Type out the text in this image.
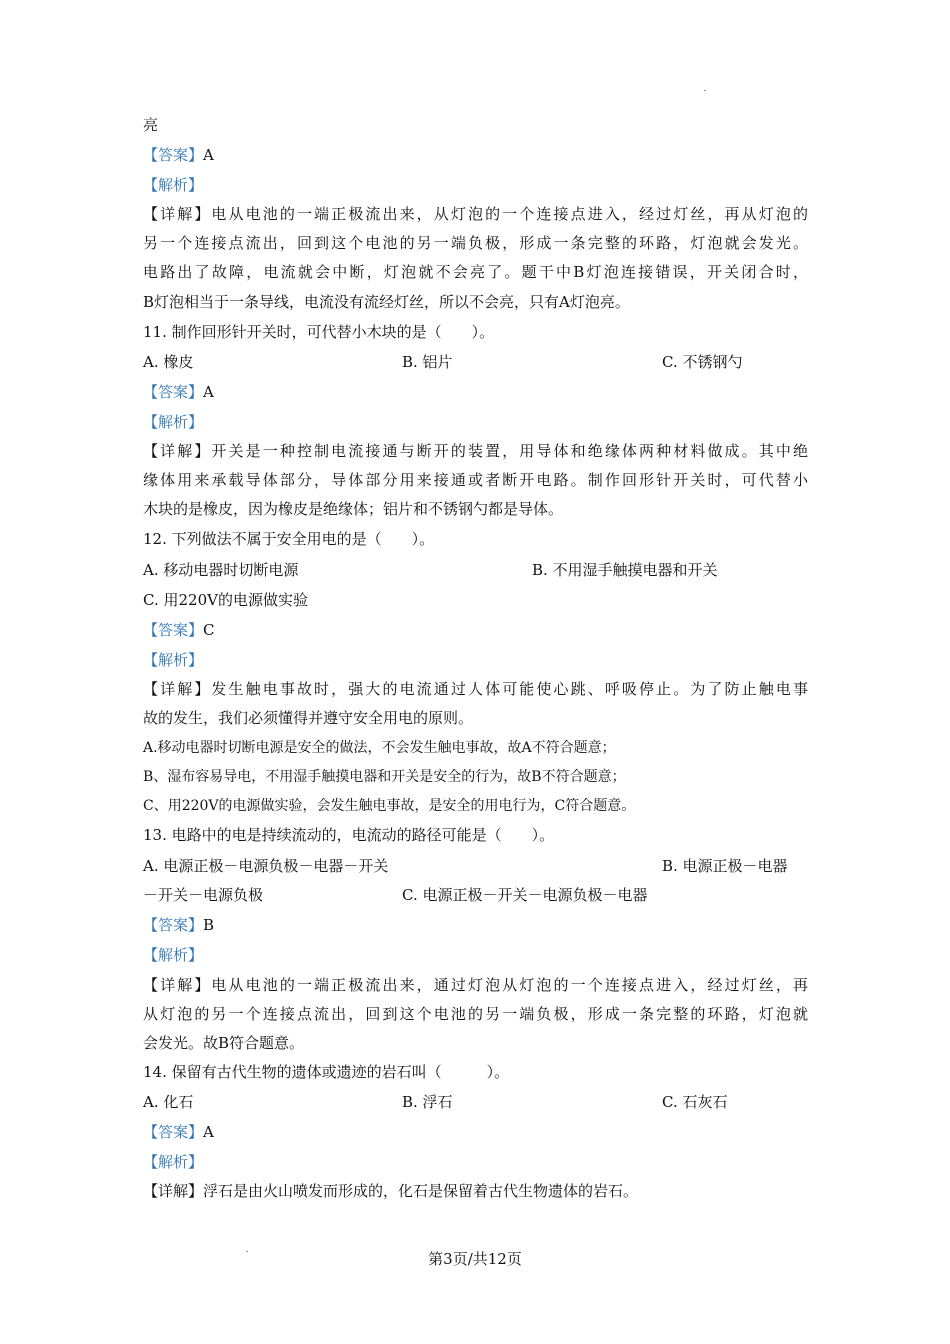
亮
【答案】A
【解析】
【详解】电从电池的一端正极流出来，从灯泡的一个连接点进入，经过灯丝，再从灯泡的
另一个连接点流出，回到这个电池的另一端负极，形成一条完整的环路，灯泡就会发光。
电路出了故障，电流就会中断，灯泡就不会亮了。题干中B灯泡连接错误，开关闭合时，
B灯泡相当于一条导线，电流没有流经灯丝，所以不会亮，只有A灯泡亮。
11. 制作回形针开关时，可代替小木块的是（　　）。
A. 橡皮	B. 铝片	C. 不锈钢勺
【答案】A
【解析】
【详解】开关是一种控制电流接通与断开的装置，用导体和绝缘体两种材料做成。其中绝
缘体用来承载导体部分，导体部分用来接通或者断开电路。制作回形针开关时，可代替小
木块的是橡皮，因为橡皮是绝缘体；铝片和不锈钢勺都是导体。
12. 下列做法不属于安全用电的是（　　）。
A. 移动电器时切断电源	B. 不用湿手触摸电器和开关
C. 用220V的电源做实验
【答案】C
【解析】
【详解】发生触电事故时，强大的电流通过人体可能使心跳、呼吸停止。为了防止触电事
故的发生，我们必须懂得并遵守安全用电的原则。
A.移动电器时切断电源是安全的做法，不会发生触电事故，故A不符合题意；
B、湿布容易导电，不用湿手触摸电器和开关是安全的行为，故B不符合题意；
C、用220V的电源做实验，会发生触电事故，是安全的用电行为，C符合题意。
13. 电路中的电是持续流动的，电流动的路径可能是（　　）。
A. 电源正极－电源负极－电器－开关	B. 电源正极－电器
－开关－电源负极	C. 电源正极－开关－电源负极－电器
【答案】B
【解析】
【详解】电从电池的一端正极流出来，通过灯泡从灯泡的一个连接点进入，经过灯丝，再
从灯泡的另一个连接点流出，回到这个电池的另一端负极，形成一条完整的环路，灯泡就
会发光。故B符合题意。
14. 保留有古代生物的遗体或遗迹的岩石叫（　　　）。
A. 化石	B. 浮石	C. 石灰石
【答案】A
【解析】
【详解】浮石是由火山喷发而形成的，化石是保留着古代生物遗体的岩石。
第3页/共12页
